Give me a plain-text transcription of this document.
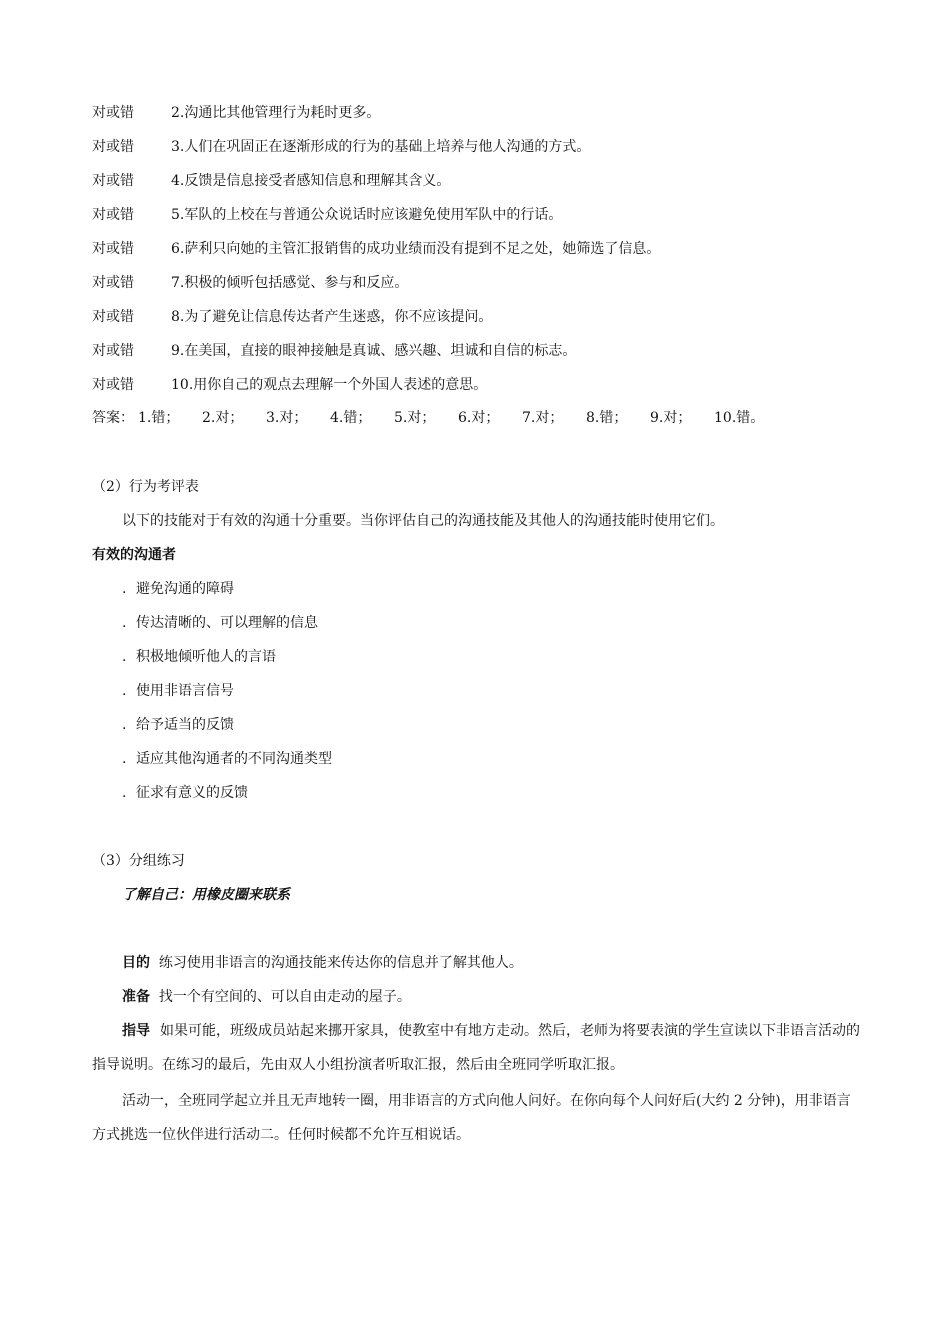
对或错	2.沟通比其他管理行为耗时更多。
对或错	3.人们在巩固正在逐渐形成的行为的基础上培养与他人沟通的方式。
对或错	4.反馈是信息接受者感知信息和理解其含义。
对或错	5.军队的上校在与普通公众说话时应该避免使用军队中的行话。
对或错	6.萨利只向她的主管汇报销售的成功业绩而没有提到不足之处，她筛选了信息。
对或错	7.积极的倾听包括感觉、参与和反应。
对或错	8.为了避免让信息传达者产生迷惑，你不应该提问。
对或错	9.在美国，直接的眼神接触是真诚、感兴趣、坦诚和自信的标志。
对或错	10.用你自己的观点去理解一个外国人表述的意思。
答案： 1.错； 2.对； 3.对； 4.错； 5.对； 6.对； 7.对； 8.错； 9.对； 10.错。
（2）行为考评表
以下的技能对于有效的沟通十分重要。当你评估自己的沟通技能及其他人的沟通技能时使用它们。
有效的沟通者
. 避免沟通的障碍
. 传达清晰的、可以理解的信息
. 积极地倾听他人的言语
. 使用非语言信号
. 给予适当的反馈
. 适应其他沟通者的不同沟通类型
. 征求有意义的反馈
（3）分组练习
了解自己：用橡皮圈来联系
目的 练习使用非语言的沟通技能来传达你的信息并了解其他人。
准备 找一个有空间的、可以自由走动的屋子。
指导 如果可能，班级成员站起来挪开家具，使教室中有地方走动。然后，老师为将要表演的学生宣读以下非语言活动的指导说明。在练习的最后，先由双人小组扮演者听取汇报，然后由全班同学听取汇报。
活动一，全班同学起立并且无声地转一圈，用非语言的方式向他人问好。在你向每个人问好后(大约 2 分钟)，用非语言方式挑选一位伙伴进行活动二。任何时候都不允许互相说话。
